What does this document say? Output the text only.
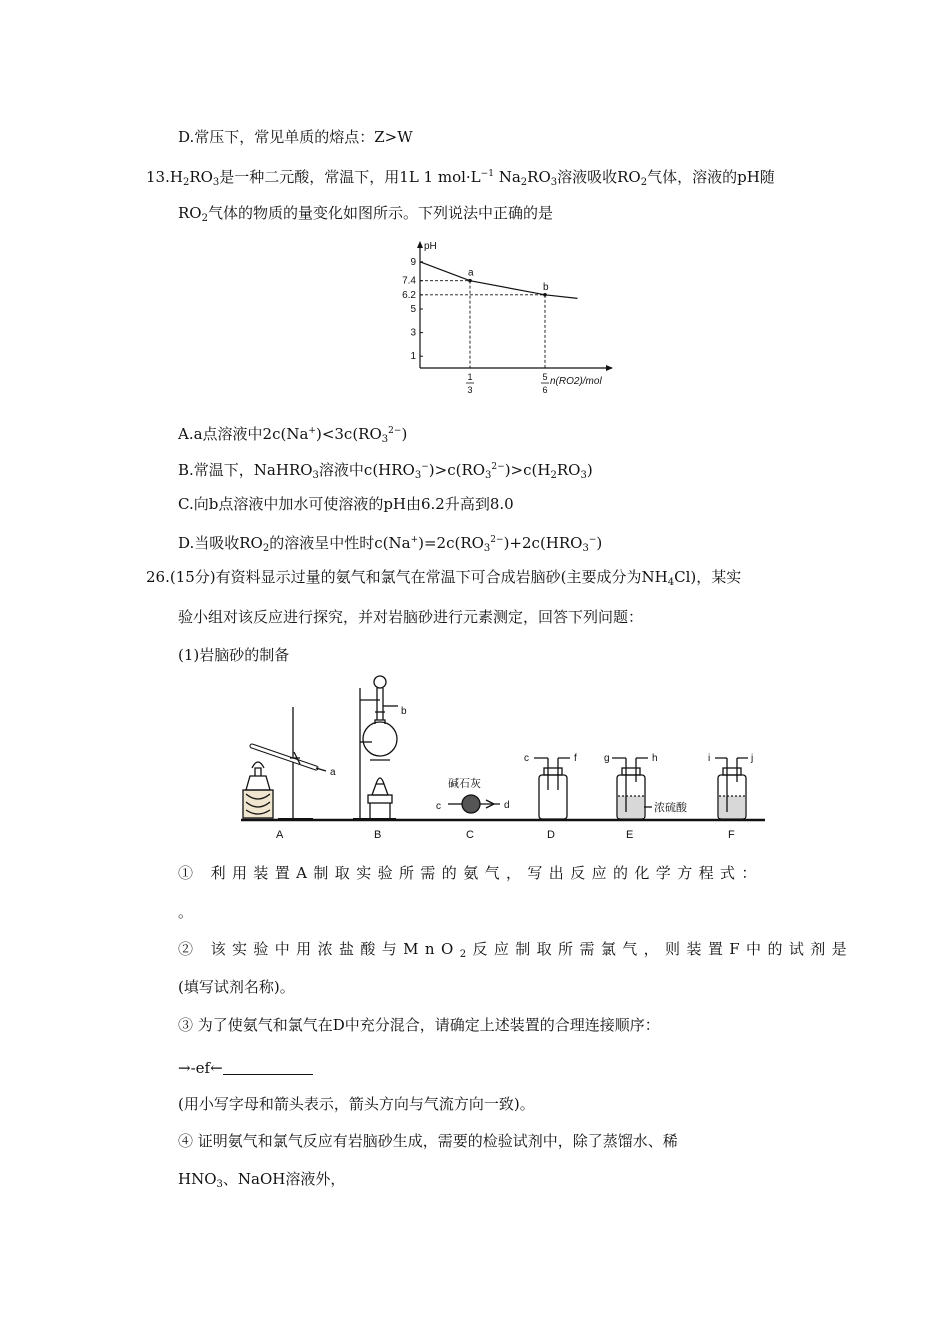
D.常压下，常见单质的熔点：Z>W
$13.H_2RO_3$是一种二元酸，常温下，用1L 1 $mol\cdot L^{-1}$ $Na_2RO_3$溶液吸收$RO_2$气体，溶液的pH随
$RO_2$气体的物质的量变化如图所示。下列说法中正确的是
pH
9
7.4
6.2
5
3
1
1
3
5
6
n(RO2)/mol
a
b
A.a点溶液中$2c(Na^+)<3c(RO_3^{2-})$
B.常温下，NaHRO$_3$溶液中$c(HRO_3^-)>c(RO_3^{2-})>c(H_2RO_3)$
C.向b点溶液中加水可使溶液的pH由6.2升高到8.0
D.当吸收$RO_2$的溶液呈中性时$c(Na^+)=2c(RO_3^{2-})+2c(HRO_3^-)$
26.(15分)有资料显示过量的氨气和氯气在常温下可合成岩脑砂(主要成分为$NH_4Cl$)，某实
验小组对该反应进行探究，并对岩脑砂进行元素测定，回答下列问题：
(1)岩脑砂的制备
a
A
b
B
碱石灰
c	d
C
c	f
D
g	h
浓硫酸
E
i	j
F
① 利用装置A制取实验所需的氨气，写出反应的化学方程式：
。
② 该实验中用浓盐酸与MnO$_2$反应制取所需氯气，则装置F中的试剂是
(填写试剂名称)。
③ 为了使氨气和氯气在D中充分混合，请确定上述装置的合理连接顺序：
→-ef←
(用小写字母和箭头表示，箭头方向与气流方向一致)。
④ 证明氨气和氯气反应有岩脑砂生成，需要的检验试剂中，除了蒸馏水、稀
$HNO_3$、NaOH溶液外，
